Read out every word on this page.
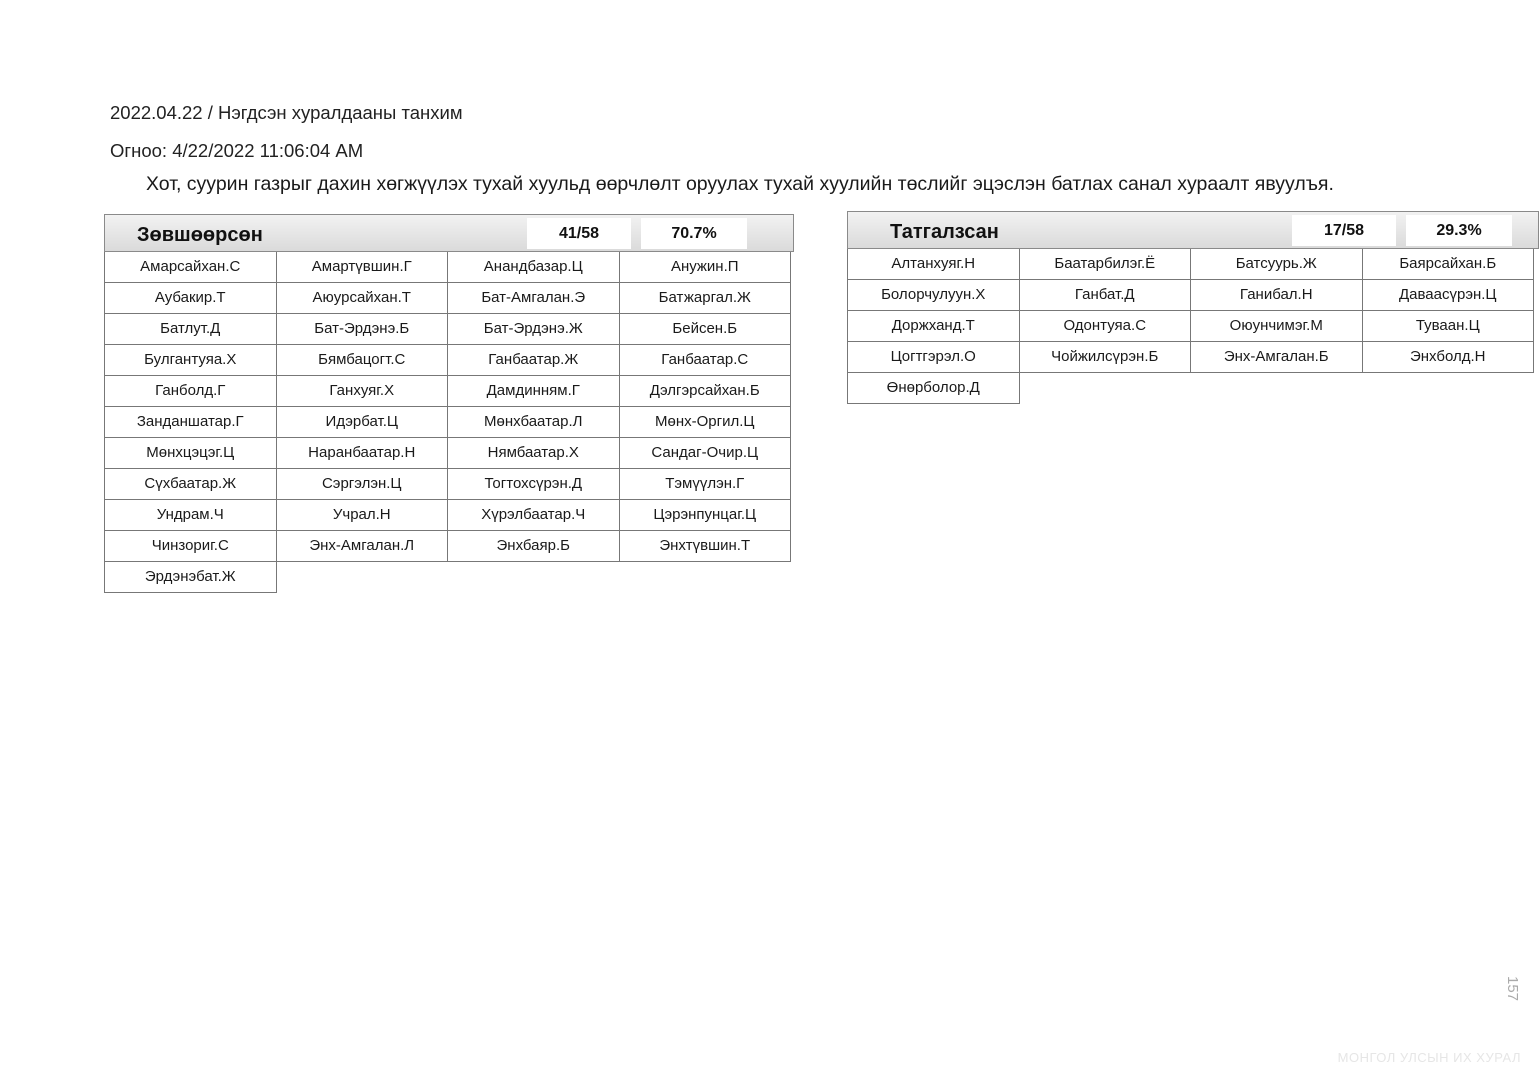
2022.04.22 / Нэгдсэн хуралдааны танхим
Огноо: 4/22/2022 11:06:04 AM
Хот, суурин газрыг дахин хөгжүүлэх тухай хуульд өөрчлөлт оруулах тухай хуулийн төслийг эцэслэн батлах санал хураалт явуулъя.
Зөвшөөрсөн	41/58	70.7%
Амарсайхан.С	Амартүвшин.Г	Анандбазар.Ц	Анужин.П
Аубакир.Т	Аюурсайхан.Т	Бат-Амгалан.Э	Батжаргал.Ж
Батлут.Д	Бат-Эрдэнэ.Б	Бат-Эрдэнэ.Ж	Бейсен.Б
Булгантуяа.Х	Бямбацогт.С	Ганбаатар.Ж	Ганбаатар.С
Ганболд.Г	Ганхуяг.Х	Дамдинням.Г	Дэлгэрсайхан.Б
Занданшатар.Г	Идэрбат.Ц	Мөнхбаатар.Л	Мөнх-Оргил.Ц
Мөнхцэцэг.Ц	Наранбаатар.Н	Нямбаатар.Х	Сандаг-Очир.Ц
Сүхбаатар.Ж	Сэргэлэн.Ц	Тогтохсүрэн.Д	Тэмүүлэн.Г
Ундрам.Ч	Учрал.Н	Хүрэлбаатар.Ч	Цэрэнпунцаг.Ц
Чинзориг.С	Энх-Амгалан.Л	Энхбаяр.Б	Энхтүвшин.Т
Эрдэнэбат.Ж
Татгалзсан	17/58	29.3%
Алтанхуяг.Н	Баатарбилэг.Ё	Батсуурь.Ж	Баярсайхан.Б
Болорчулуун.Х	Ганбат.Д	Ганибал.Н	Даваасүрэн.Ц
Доржханд.Т	Одонтуяа.С	Оюунчимэг.М	Туваан.Ц
Цогтгэрэл.О	Чойжилсүрэн.Б	Энх-Амгалан.Б	Энхболд.Н
Өнөрболор.Д
157
МОНГОЛ УЛСЫН ИХ ХУРАЛ
